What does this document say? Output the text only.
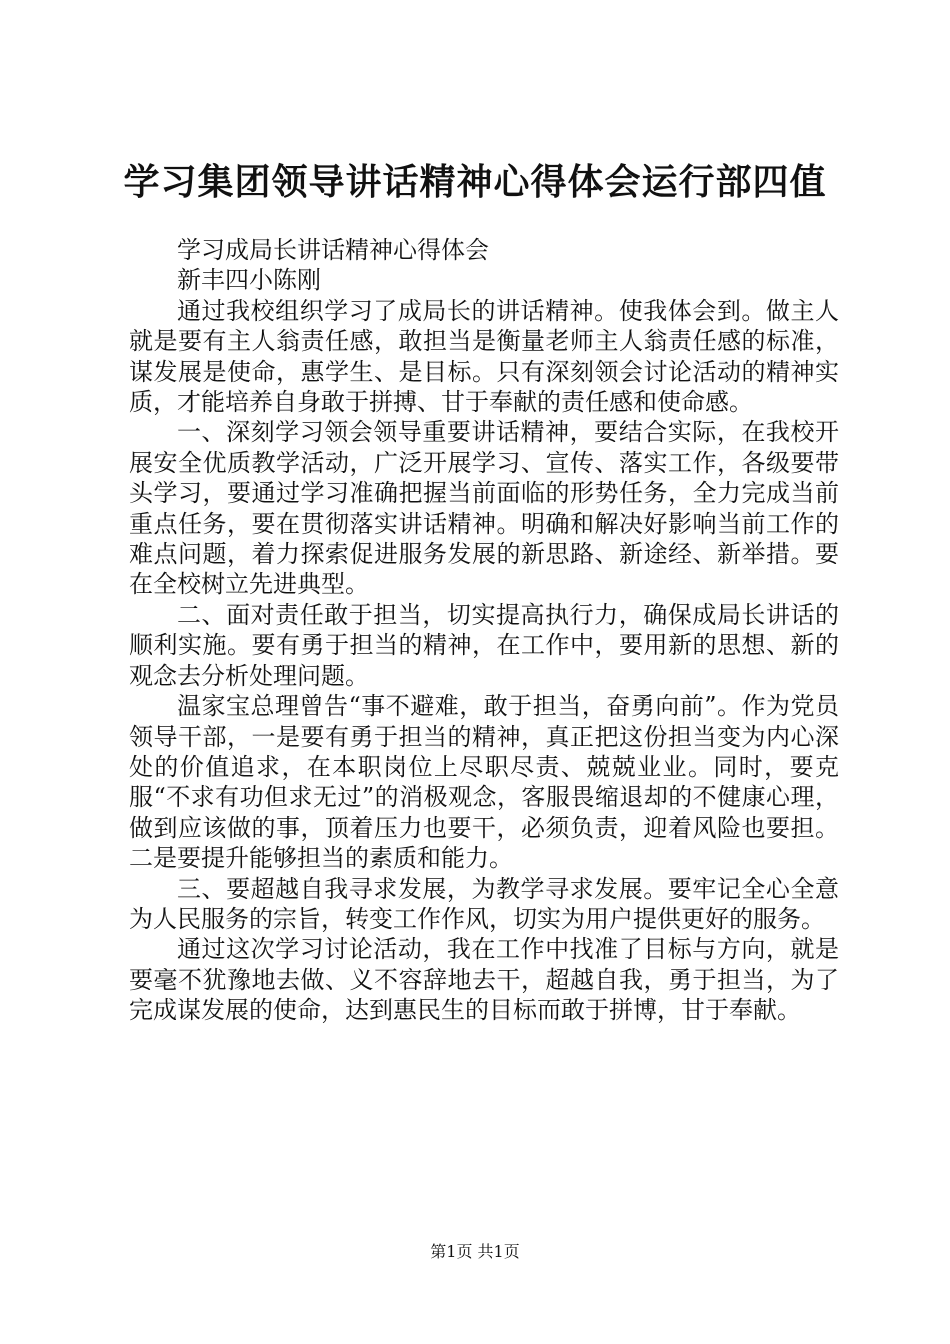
学习集团领导讲话精神心得体会运行部四值

学习成局长讲话精神心得体会

新丰四小陈刚

通过我校组织学习了成局长的讲话精神。使我体会到。做主人就是要有主人翁责任感，敢担当是衡量老师主人翁责任感的标准，谋发展是使命，惠学生、是目标。只有深刻领会讨论活动的精神实质，才能培养自身敢于拼搏、甘于奉献的责任感和使命感。

一、深刻学习领会领导重要讲话精神，要结合实际，在我校开展安全优质教学活动，广泛开展学习、宣传、落实工作，各级要带头学习，要通过学习准确把握当前面临的形势任务，全力完成当前重点任务，要在贯彻落实讲话精神。明确和解决好影响当前工作的难点问题，着力探索促进服务发展的新思路、新途经、新举措。要在全校树立先进典型。

二、面对责任敢于担当，切实提高执行力，确保成局长讲话的顺利实施。要有勇于担当的精神，在工作中，要用新的思想、新的观念去分析处理问题。

温家宝总理曾告“事不避难，敢于担当，奋勇向前”。作为党员领导干部，一是要有勇于担当的精神，真正把这份担当变为内心深处的价值追求，在本职岗位上尽职尽责、兢兢业业。同时，要克服“不求有功但求无过”的消极观念，客服畏缩退却的不健康心理，做到应该做的事，顶着压力也要干，必须负责，迎着风险也要担。二是要提升能够担当的素质和能力。

三、要超越自我寻求发展，为教学寻求发展。要牢记全心全意为人民服务的宗旨，转变工作作风，切实为用户提供更好的服务。

通过这次学习讨论活动，我在工作中找准了目标与方向，就是要毫不犹豫地去做、义不容辞地去干，超越自我，勇于担当，为了完成谋发展的使命，达到惠民生的目标而敢于拼博，甘于奉献。

第1页 共1页
